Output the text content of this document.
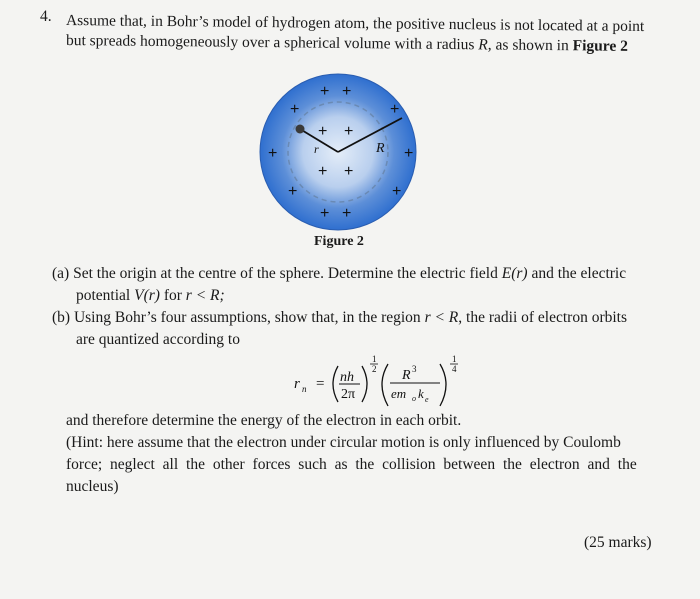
4. Assume that, in Bohr’s model of hydrogen atom, the positive nucleus is not located at a point
but spreads homogeneously over a spherical volume with a radius R, as shown in Figure 2
r	R
+ +
+	+
+ +
+	+
+ +
+	+
+ +
Figure 2
(a) Set the origin at the centre of the sphere. Determine the electric field E(r) and the electric
potential V(r) for r < R;
(b) Using Bohr’s four assumptions, show that, in the region r < R, the radii of electron orbits
are quantized according to
r n = nh
2π
1
2 R 3
em o k e
1
4
and therefore determine the energy of the electron in each orbit.
(Hint: here assume that the electron under circular motion is only influenced by Coulomb
force; neglect all the other forces such as the collision between the electron and the
nucleus)
(25 marks)
